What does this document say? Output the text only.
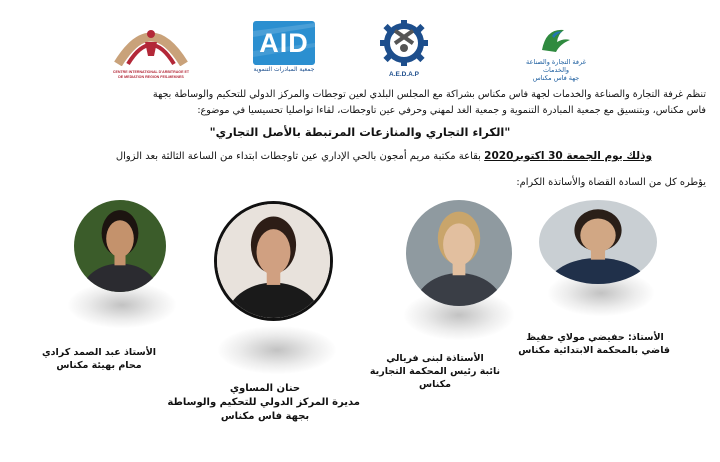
CENTRE INTERNATIONAL D'ARBITRAGE ET DE MEDIATION REGION FES-MEKNES
AID
جمعية المبادرات التنموية
A.E.D.A.P
غرفة التجارة والصناعة والخدمات
جهة فاس مكناس
تنظم غرفة التجارة والصناعة والخدمات لجهة فاس مكناس بشراكة مع المجلس البلدي لعين توجطات والمركز الدولي للتحكيم والوساطة بجهة
فاس مكناس، وبتنسيق مع جمعية المبادرة التنموية و جمعية الغد لمهني وحرفي عين تاوجطات، لقاءا تواصليا تحسيسيا في موضوع:
"الكراء التجاري والمنازعات المرتبطة بالأصل التجاري"
وذلك يوم الجمعة 30 اكتوبر2020 بقاعة مكتبة مريم أمجون بالحي الإداري عين تاوجطات ابتداء من الساعة الثالثة بعد الزوال
يؤطره كل من السادة القضاة والأساتذة الكرام:
الأستاذ: حفيضي مولاي حفيظ
قاضي بالمحكمة الابتدائية مكناس
الأستاذة لبنى فريالي
نائبة رئيس المحكمة التجارية
مكناس
حنان المساوي
مديرة المركز الدولي للتحكيم والوساطة
بجهة فاس مكناس
الأستاذ عبد الصمد كرادي
محام بهيئة مكناس
